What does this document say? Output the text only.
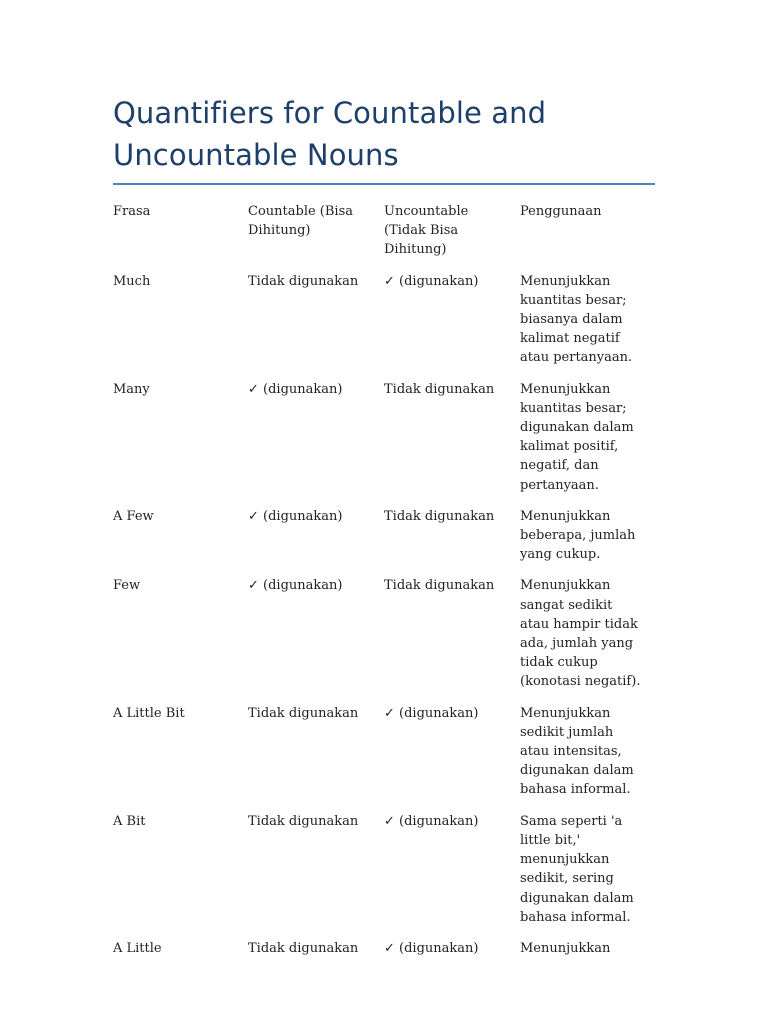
Quantifiers for Countable and
Uncountable Nouns
Frasa	Countable (Bisa Dihitung)	Uncountable (Tidak Bisa Dihitung)	Penggunaan
Much	Tidak digunakan	✓ (digunakan)	Menunjukkan kuantitas besar; biasanya dalam kalimat negatif atau pertanyaan.
Many	✓ (digunakan)	Tidak digunakan	Menunjukkan kuantitas besar; digunakan dalam kalimat positif, negatif, dan pertanyaan.
A Few	✓ (digunakan)	Tidak digunakan	Menunjukkan beberapa, jumlah yang cukup.
Few	✓ (digunakan)	Tidak digunakan	Menunjukkan sangat sedikit atau hampir tidak ada, jumlah yang tidak cukup (konotasi negatif).
A Little Bit	Tidak digunakan	✓ (digunakan)	Menunjukkan sedikit jumlah atau intensitas, digunakan dalam bahasa informal.
A Bit	Tidak digunakan	✓ (digunakan)	Sama seperti 'a little bit,' menunjukkan sedikit, sering digunakan dalam bahasa informal.
A Little	Tidak digunakan	✓ (digunakan)	Menunjukkan
